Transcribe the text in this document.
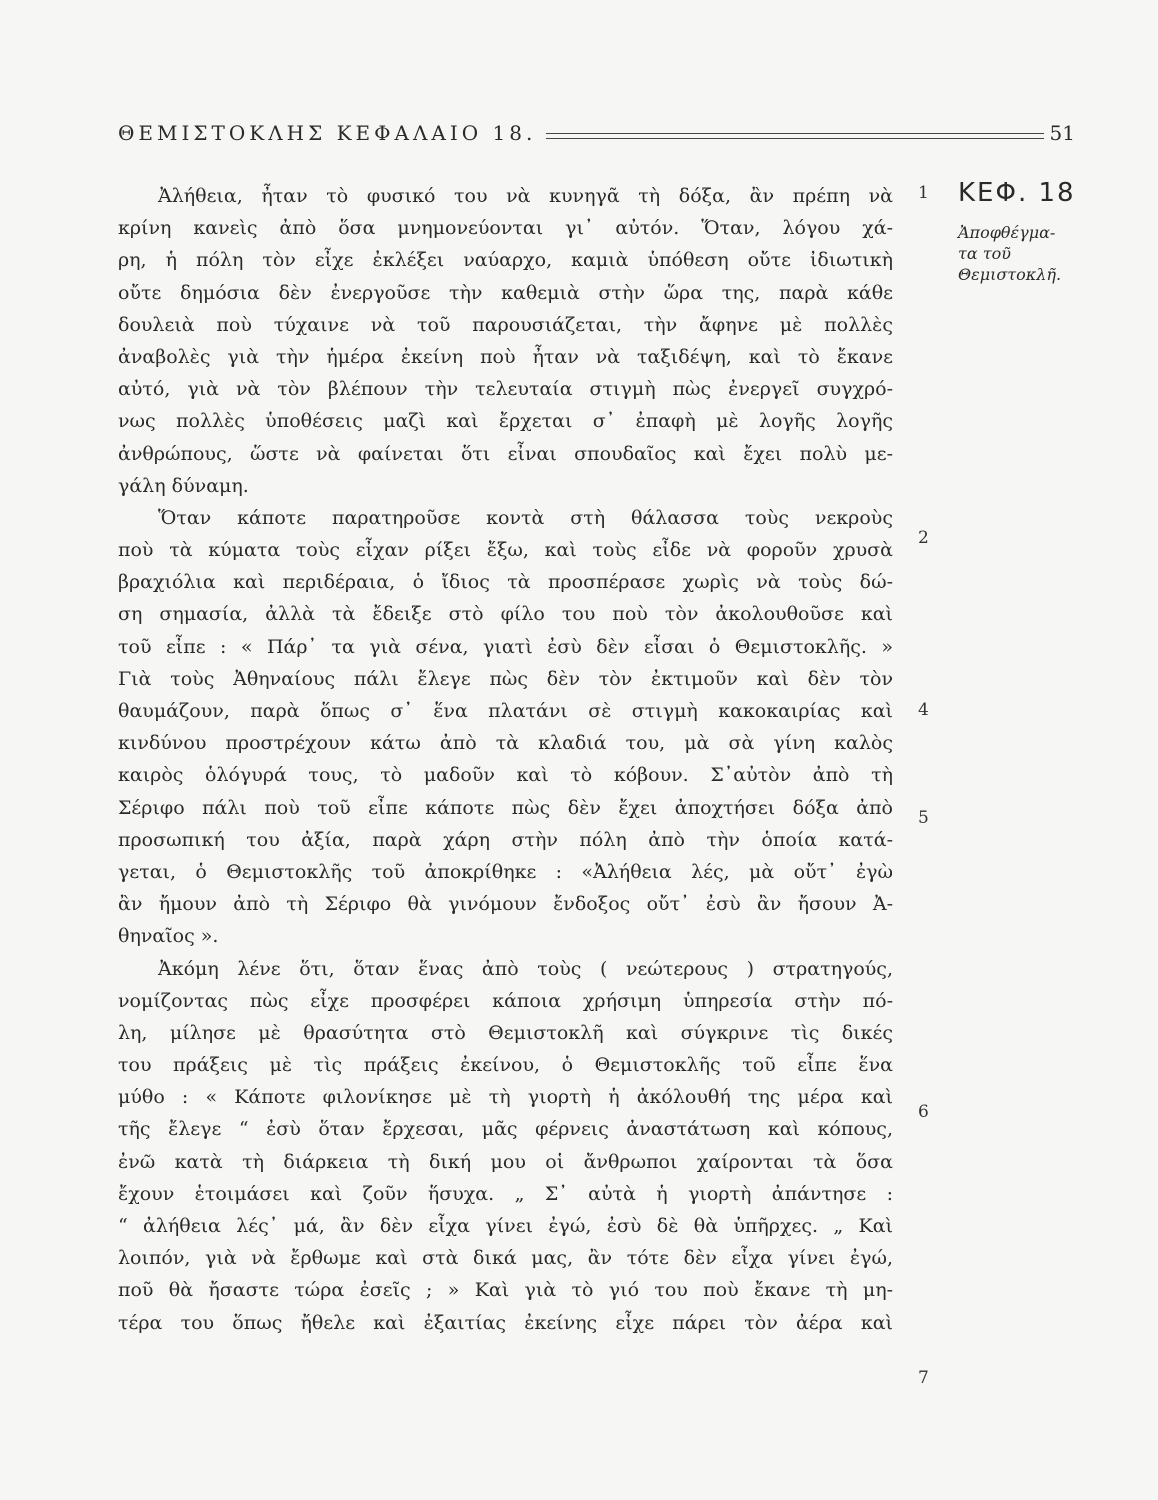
ΘΕΜΙΣΤΟΚΛΗΣ ΚΕΦΑΛΑΙΟ 18.	51
ΚΕΦ. 18
Ἀποφθέγμα-
τα τοῦ
Θεμιστοκλῆ.
1
2
4
5
6
7
Ἀλήθεια, ἦταν τὸ φυσικό του νὰ κυνηγᾶ τὴ δόξα, ἂν πρέπη νὰ
κρίνη κανεὶς ἀπὸ ὅσα μνημονεύονται γι᾽ αὐτόν. Ὅταν, λόγου χά-
ρη, ἡ πόλη τὸν εἶχε ἐκλέξει ναύαρχο, καμιὰ ὑπόθεση οὔτε ἰδιωτικὴ
οὔτε δημόσια δὲν ἐνεργοῦσε τὴν καθεμιὰ στὴν ὥρα της, παρὰ κάθε
δουλειὰ ποὺ τύχαινε νὰ τοῦ παρουσιάζεται, τὴν ἄφηνε μὲ πολλὲς
ἀναβολὲς γιὰ τὴν ἡμέρα ἐκείνη ποὺ ἦταν νὰ ταξιδέψη, καὶ τὸ ἔκανε
αὐτό, γιὰ νὰ τὸν βλέπουν τὴν τελευταία στιγμὴ πὼς ἐνεργεῖ συγχρό-
νως πολλὲς ὑποθέσεις μαζὶ καὶ ἔρχεται σ᾽ ἐπαφὴ μὲ λογῆς λογῆς
ἀνθρώπους, ὥστε νὰ φαίνεται ὅτι εἶναι σπουδαῖος καὶ ἔχει πολὺ με-
γάλη δύναμη.
Ὅταν κάποτε παρατηροῦσε κοντὰ στὴ θάλασσα τοὺς νεκροὺς
ποὺ τὰ κύματα τοὺς εἶχαν ρίξει ἔξω, καὶ τοὺς εἶδε νὰ φοροῦν χρυσὰ
βραχιόλια καὶ περιδέραια, ὁ ἴδιος τὰ προσπέρασε χωρὶς νὰ τοὺς δώ-
ση σημασία, ἀλλὰ τὰ ἔδειξε στὸ φίλο του ποὺ τὸν ἀκολουθοῦσε καὶ
τοῦ εἶπε : « Πάρ᾽ τα γιὰ σένα, γιατὶ ἐσὺ δὲν εἶσαι ὁ Θεμιστοκλῆς. »
Γιὰ τοὺς Ἀθηναίους πάλι ἔλεγε πὼς δὲν τὸν ἐκτιμοῦν καὶ δὲν τὸν
θαυμάζουν, παρὰ ὅπως σ᾽ ἕνα πλατάνι σὲ στιγμὴ κακοκαιρίας καὶ
κινδύνου προστρέχουν κάτω ἀπὸ τὰ κλαδιά του, μὰ σὰ γίνη καλὸς
καιρὸς ὁλόγυρά τους, τὸ μαδοῦν καὶ τὸ κόβουν. Σ᾽αὐτὸν ἀπὸ τὴ
Σέριφο πάλι ποὺ τοῦ εἶπε κάποτε πὼς δὲν ἔχει ἀποχτήσει δόξα ἀπὸ
προσωπική του ἀξία, παρὰ χάρη στὴν πόλη ἀπὸ τὴν ὁποία κατά-
γεται, ὁ Θεμιστοκλῆς τοῦ ἀποκρίθηκε : «Ἀλήθεια λές, μὰ οὔτ᾽ ἐγὼ
ἂν ἤμουν ἀπὸ τὴ Σέριφο θὰ γινόμουν ἔνδοξος οὔτ᾽ ἐσὺ ἂν ἤσουν Ἀ-
θηναῖος ».
Ἀκόμη λένε ὅτι, ὅταν ἕνας ἀπὸ τοὺς ( νεώτερους ) στρατηγούς,
νομίζοντας πὼς εἶχε προσφέρει κάποια χρήσιμη ὑπηρεσία στὴν πό-
λη, μίλησε μὲ θρασύτητα στὸ Θεμιστοκλῆ καὶ σύγκρινε τὶς δικές
του πράξεις μὲ τὶς πράξεις ἐκείνου, ὁ Θεμιστοκλῆς τοῦ εἶπε ἕνα
μύθο : « Κάποτε φιλονίκησε μὲ τὴ γιορτὴ ἡ ἀκόλουθή της μέρα καὶ
τῆς ἔλεγε “ ἐσὺ ὅταν ἔρχεσαι, μᾶς φέρνεις ἀναστάτωση καὶ κόπους,
ἐνῶ κατὰ τὴ διάρκεια τὴ δική μου οἱ ἄνθρωποι χαίρονται τὰ ὅσα
ἔχουν ἑτοιμάσει καὶ ζοῦν ἥσυχα. „ Σ᾽ αὐτὰ ἡ γιορτὴ ἀπάντησε :
“ ἀλήθεια λές᾽ μά, ἂν δὲν εἶχα γίνει ἐγώ, ἐσὺ δὲ θὰ ὑπῆρχες. „ Καὶ
λοιπόν, γιὰ νὰ ἔρθωμε καὶ στὰ δικά μας, ἂν τότε δὲν εἶχα γίνει ἐγώ,
ποῦ θὰ ἤσαστε τώρα ἐσεῖς ; » Καὶ γιὰ τὸ γιό του ποὺ ἔκανε τὴ μη-
τέρα του ὅπως ἤθελε καὶ ἐξαιτίας ἐκείνης εἶχε πάρει τὸν ἀέρα καὶ
